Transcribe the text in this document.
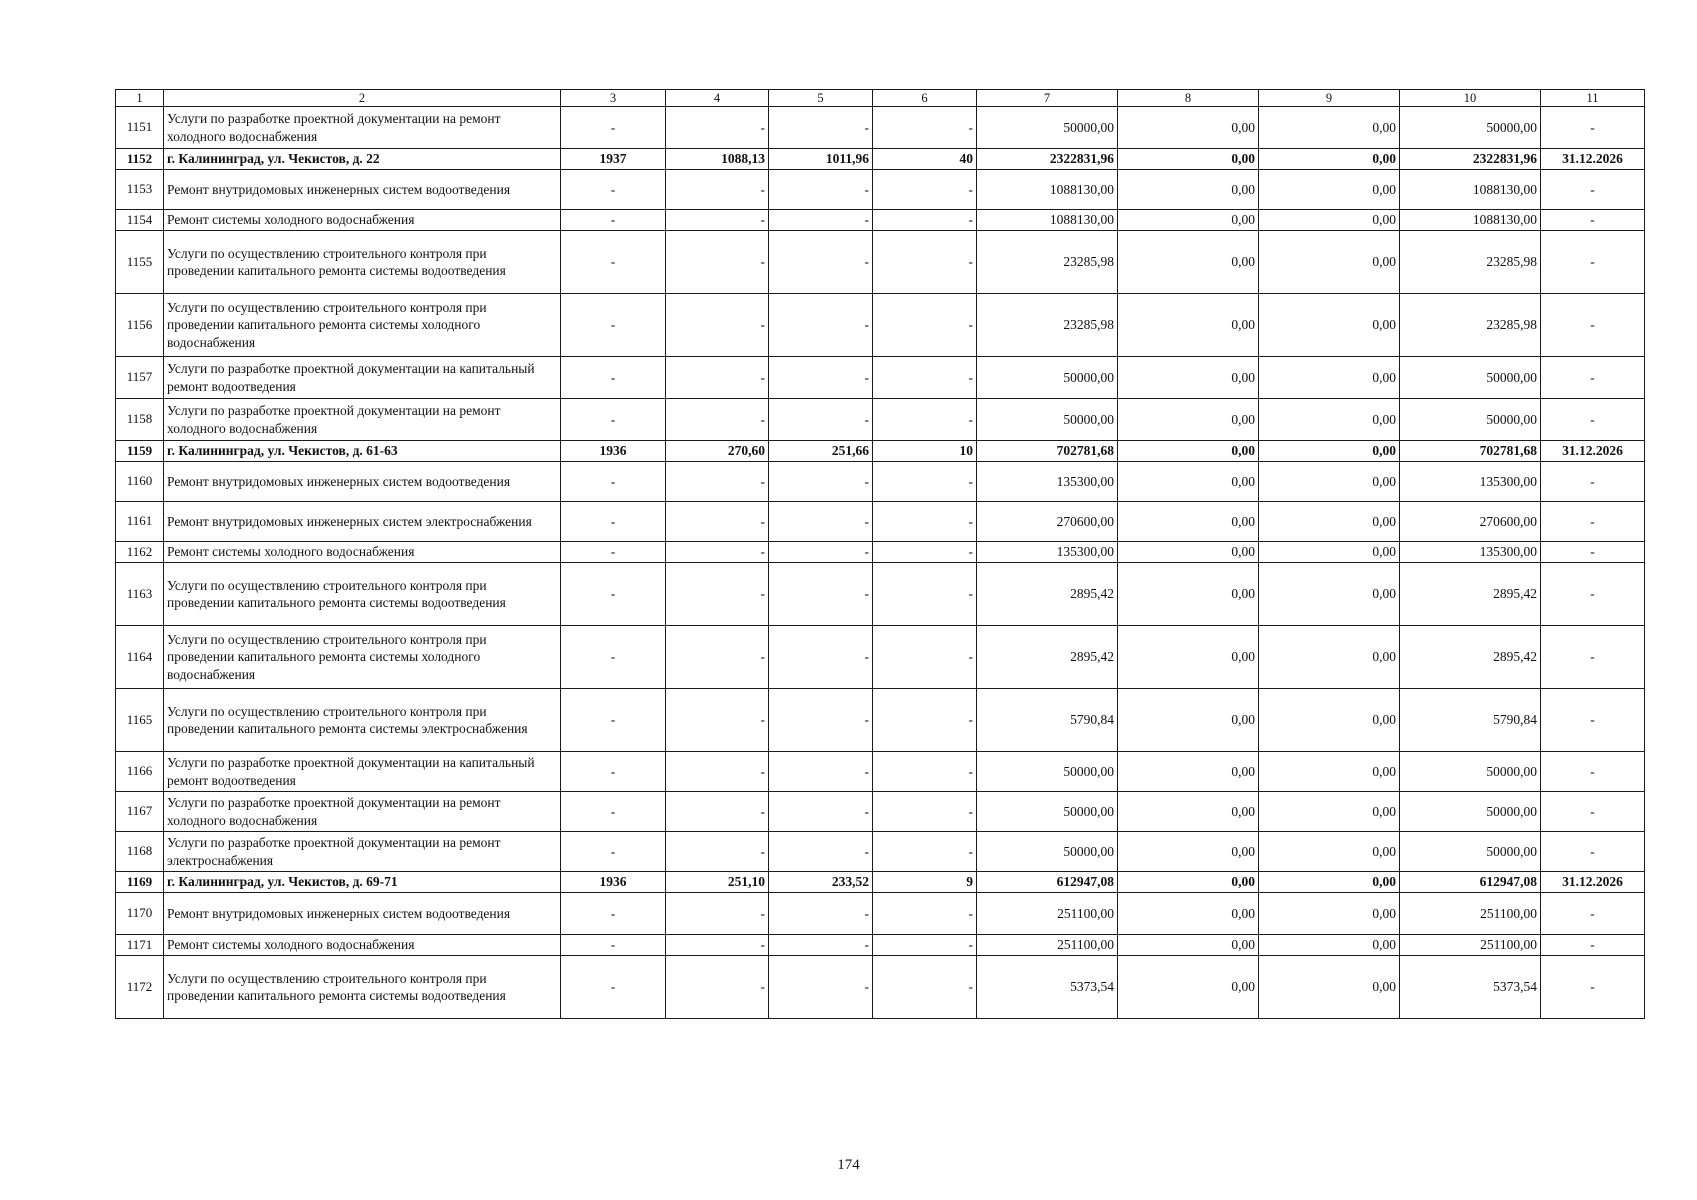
1	2	3	4	5	6	7	8	9	10	11
1151	Услуги по разработке проектной документации на ремонт холодного водоснабжения	-	-	-	-	50000,00	0,00	0,00	50000,00	-
1152	г. Калининград, ул. Чекистов, д. 22	1937	1088,13	1011,96	40	2322831,96	0,00	0,00	2322831,96	31.12.2026
1153	Ремонт внутридомовых инженерных систем водоотведения	-	-	-	-	1088130,00	0,00	0,00	1088130,00	-
1154	Ремонт системы холодного водоснабжения	-	-	-	-	1088130,00	0,00	0,00	1088130,00	-
1155	Услуги по осуществлению строительного контроля при проведении капитального ремонта системы водоотведения	-	-	-	-	23285,98	0,00	0,00	23285,98	-
1156	Услуги по осуществлению строительного контроля при проведении капитального ремонта системы холодного водоснабжения	-	-	-	-	23285,98	0,00	0,00	23285,98	-
1157	Услуги по разработке проектной документации на капитальный ремонт водоотведения	-	-	-	-	50000,00	0,00	0,00	50000,00	-
1158	Услуги по разработке проектной документации на ремонт холодного водоснабжения	-	-	-	-	50000,00	0,00	0,00	50000,00	-
1159	г. Калининград, ул. Чекистов, д. 61-63	1936	270,60	251,66	10	702781,68	0,00	0,00	702781,68	31.12.2026
1160	Ремонт внутридомовых инженерных систем водоотведения	-	-	-	-	135300,00	0,00	0,00	135300,00	-
1161	Ремонт внутридомовых инженерных систем электроснабжения	-	-	-	-	270600,00	0,00	0,00	270600,00	-
1162	Ремонт системы холодного водоснабжения	-	-	-	-	135300,00	0,00	0,00	135300,00	-
1163	Услуги по осуществлению строительного контроля при проведении капитального ремонта системы водоотведения	-	-	-	-	2895,42	0,00	0,00	2895,42	-
1164	Услуги по осуществлению строительного контроля при проведении капитального ремонта системы холодного водоснабжения	-	-	-	-	2895,42	0,00	0,00	2895,42	-
1165	Услуги по осуществлению строительного контроля при проведении капитального ремонта системы электроснабжения	-	-	-	-	5790,84	0,00	0,00	5790,84	-
1166	Услуги по разработке проектной документации на капитальный ремонт водоотведения	-	-	-	-	50000,00	0,00	0,00	50000,00	-
1167	Услуги по разработке проектной документации на ремонт холодного водоснабжения	-	-	-	-	50000,00	0,00	0,00	50000,00	-
1168	Услуги по разработке проектной документации на ремонт электроснабжения	-	-	-	-	50000,00	0,00	0,00	50000,00	-
1169	г. Калининград, ул. Чекистов, д. 69-71	1936	251,10	233,52	9	612947,08	0,00	0,00	612947,08	31.12.2026
1170	Ремонт внутридомовых инженерных систем водоотведения	-	-	-	-	251100,00	0,00	0,00	251100,00	-
1171	Ремонт системы холодного водоснабжения	-	-	-	-	251100,00	0,00	0,00	251100,00	-
1172	Услуги по осуществлению строительного контроля при проведении капитального ремонта системы водоотведения	-	-	-	-	5373,54	0,00	0,00	5373,54	-
174
